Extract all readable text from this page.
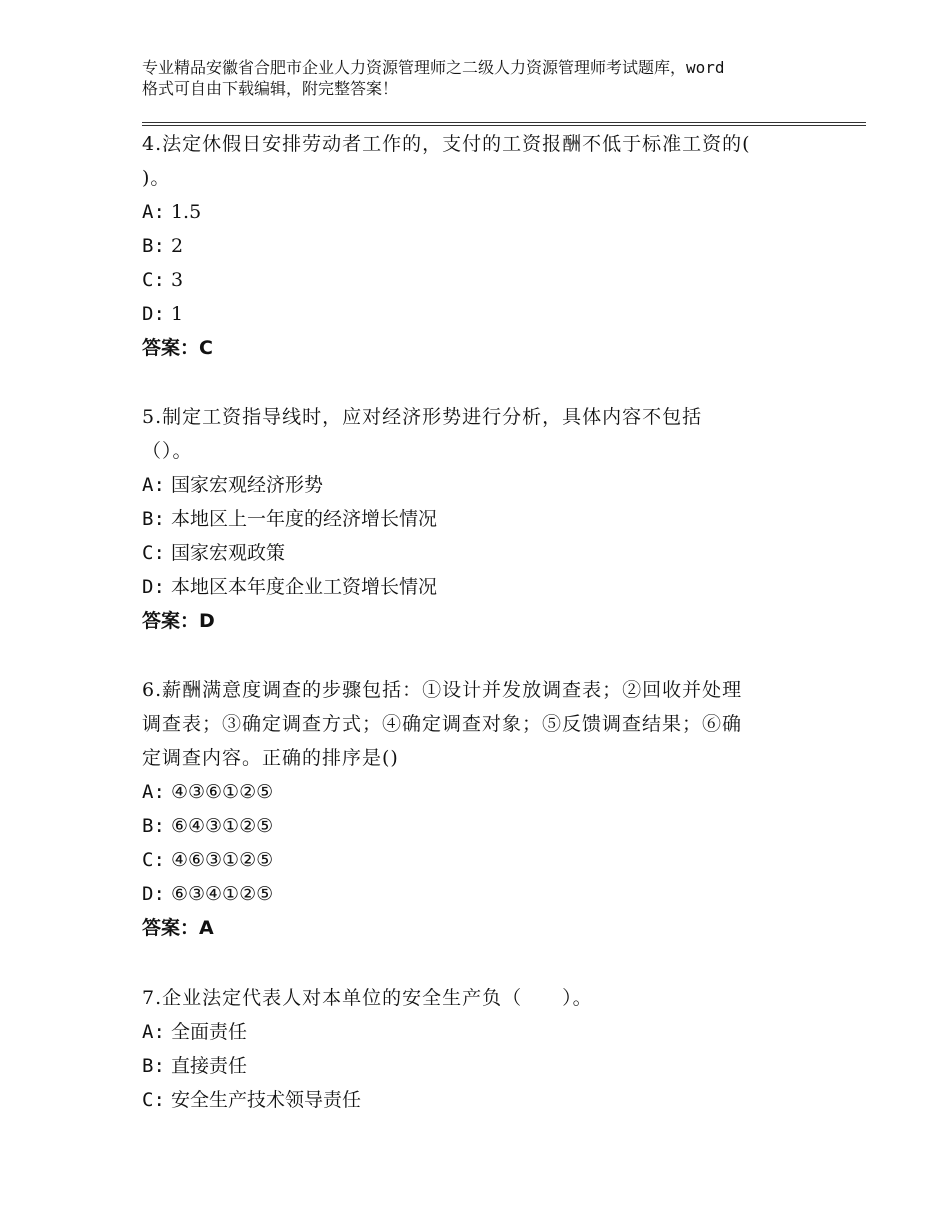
专业精品安徽省合肥市企业人力资源管理师之二级人力资源管理师考试题库，word
格式可自由下载编辑，附完整答案！
4.法定休假日安排劳动者工作的，支付的工资报酬不低于标准工资的(
)。
A: 1.5
B: 2
C: 3
D: 1
答案：C
5.制定工资指导线时，应对经济形势进行分析，具体内容不包括
（）。
A: 国家宏观经济形势
B: 本地区上一年度的经济增长情况
C: 国家宏观政策
D: 本地区本年度企业工资增长情况
答案：D
6.薪酬满意度调查的步骤包括：①设计并发放调查表；②回收并处理
调查表；③确定调查方式；④确定调查对象；⑤反馈调查结果；⑥确
定调查内容。正确的排序是()
A: ④③⑥①②⑤
B: ⑥④③①②⑤
C: ④⑥③①②⑤
D: ⑥③④①②⑤
答案：A
7.企业法定代表人对本单位的安全生产负（　　）。
A: 全面责任
B: 直接责任
C: 安全生产技术领导责任
